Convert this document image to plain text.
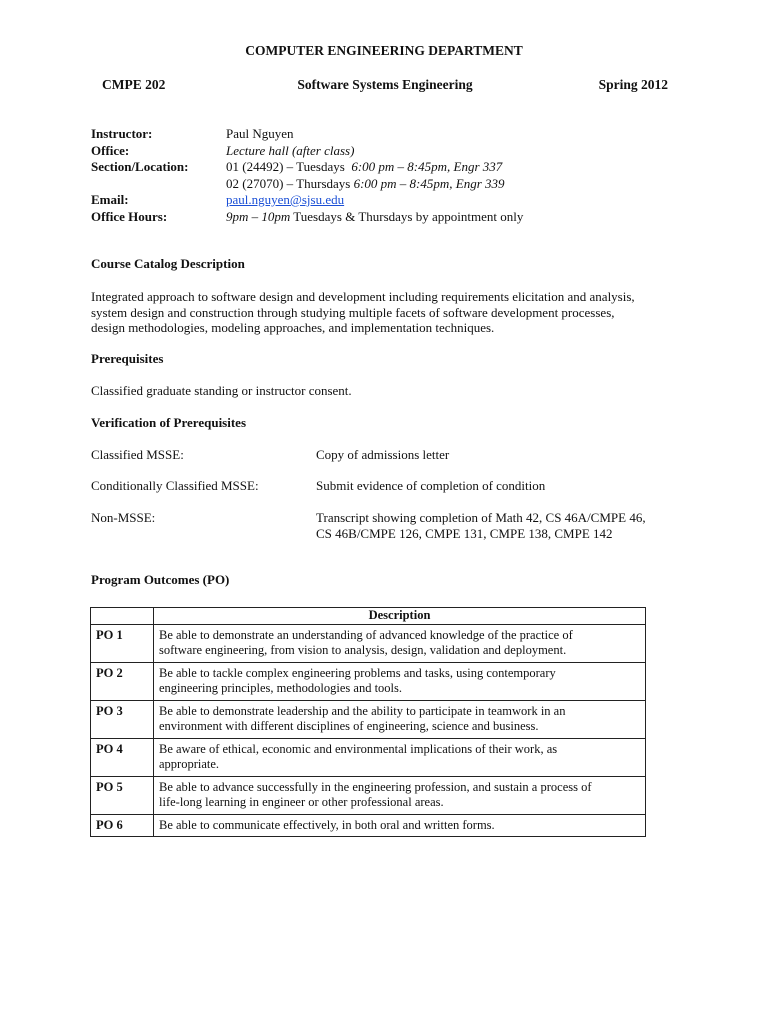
COMPUTER ENGINEERING DEPARTMENT
CMPE 202	Software Systems Engineering	Spring 2012
Instructor:	Paul Nguyen
Office:	Lecture hall (after class)
Section/Location:	01 (24492) – Tuesdays 6:00 pm – 8:45pm, Engr 337
02 (27070) – Thursdays 6:00 pm – 8:45pm, Engr 339
Email:	paul.nguyen@sjsu.edu
Office Hours:	9pm – 10pm Tuesdays & Thursdays by appointment only
Course Catalog Description
Integrated approach to software design and development including requirements elicitation and analysis,
system design and construction through studying multiple facets of software development processes,
design methodologies, modeling approaches, and implementation techniques.
Prerequisites
Classified graduate standing or instructor consent.
Verification of Prerequisites
Classified MSSE:	Copy of admissions letter
Conditionally Classified MSSE:	Submit evidence of completion of condition
Non-MSSE:	Transcript showing completion of Math 42, CS 46A/CMPE 46,
CS 46B/CMPE 126, CMPE 131, CMPE 138, CMPE 142
Program Outcomes (PO)
	Description
PO 1	Be able to demonstrate an understanding of advanced knowledge of the practice of
software engineering, from vision to analysis, design, validation and deployment.

PO 2	Be able to tackle complex engineering problems and tasks, using contemporary
engineering principles, methodologies and tools.

PO 3	Be able to demonstrate leadership and the ability to participate in teamwork in an
environment with different disciplines of engineering, science and business.

PO 4	Be aware of ethical, economic and environmental implications of their work, as
appropriate.

PO 5	Be able to advance successfully in the engineering profession, and sustain a process of
life-long learning in engineer or other professional areas.

PO 6	Be able to communicate effectively, in both oral and written forms.
